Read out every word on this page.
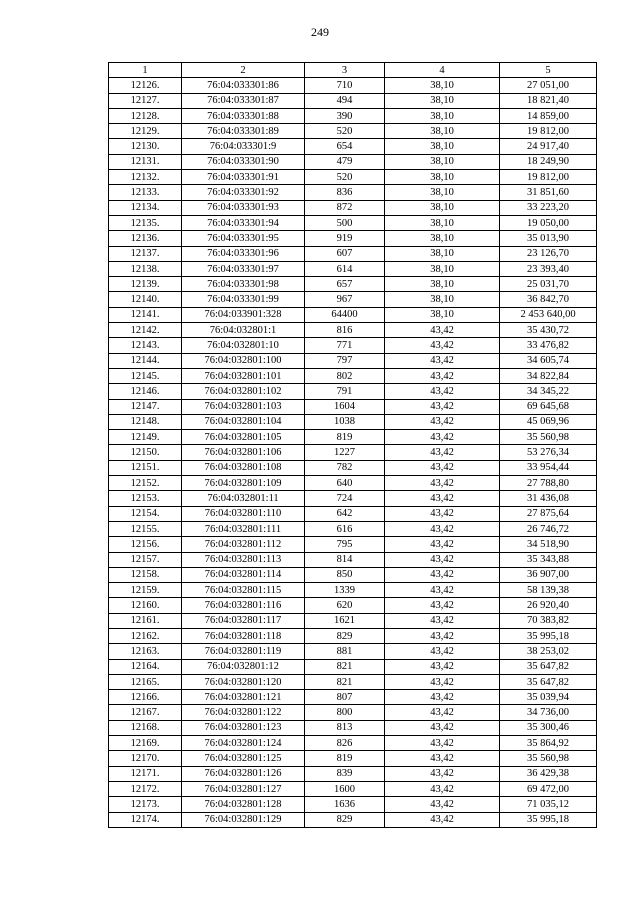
249
1	2	3	4	5
12126.	76:04:033301:86	710	38,10	27 051,00
12127.	76:04:033301:87	494	38,10	18 821,40
12128.	76:04:033301:88	390	38,10	14 859,00
12129.	76:04:033301:89	520	38,10	19 812,00
12130.	76:04:033301:9	654	38,10	24 917,40
12131.	76:04:033301:90	479	38,10	18 249,90
12132.	76:04:033301:91	520	38,10	19 812,00
12133.	76:04:033301:92	836	38,10	31 851,60
12134.	76:04:033301:93	872	38,10	33 223,20
12135.	76:04:033301:94	500	38,10	19 050,00
12136.	76:04:033301:95	919	38,10	35 013,90
12137.	76:04:033301:96	607	38,10	23 126,70
12138.	76:04:033301:97	614	38,10	23 393,40
12139.	76:04:033301:98	657	38,10	25 031,70
12140.	76:04:033301:99	967	38,10	36 842,70
12141.	76:04:033901:328	64400	38,10	2 453 640,00
12142.	76:04:032801:1	816	43,42	35 430,72
12143.	76:04:032801:10	771	43,42	33 476,82
12144.	76:04:032801:100	797	43,42	34 605,74
12145.	76:04:032801:101	802	43,42	34 822,84
12146.	76:04:032801:102	791	43,42	34 345,22
12147.	76:04:032801:103	1604	43,42	69 645,68
12148.	76:04:032801:104	1038	43,42	45 069,96
12149.	76:04:032801:105	819	43,42	35 560,98
12150.	76:04:032801:106	1227	43,42	53 276,34
12151.	76:04:032801:108	782	43,42	33 954,44
12152.	76:04:032801:109	640	43,42	27 788,80
12153.	76:04:032801:11	724	43,42	31 436,08
12154.	76:04:032801:110	642	43,42	27 875,64
12155.	76:04:032801:111	616	43,42	26 746,72
12156.	76:04:032801:112	795	43,42	34 518,90
12157.	76:04:032801:113	814	43,42	35 343,88
12158.	76:04:032801:114	850	43,42	36 907,00
12159.	76:04:032801:115	1339	43,42	58 139,38
12160.	76:04:032801:116	620	43,42	26 920,40
12161.	76:04:032801:117	1621	43,42	70 383,82
12162.	76:04:032801:118	829	43,42	35 995,18
12163.	76:04:032801:119	881	43,42	38 253,02
12164.	76:04:032801:12	821	43,42	35 647,82
12165.	76:04:032801:120	821	43,42	35 647,82
12166.	76:04:032801:121	807	43,42	35 039,94
12167.	76:04:032801:122	800	43,42	34 736,00
12168.	76:04:032801:123	813	43,42	35 300,46
12169.	76:04:032801:124	826	43,42	35 864,92
12170.	76:04:032801:125	819	43,42	35 560,98
12171.	76:04:032801:126	839	43,42	36 429,38
12172.	76:04:032801:127	1600	43,42	69 472,00
12173.	76:04:032801:128	1636	43,42	71 035,12
12174.	76:04:032801:129	829	43,42	35 995,18
